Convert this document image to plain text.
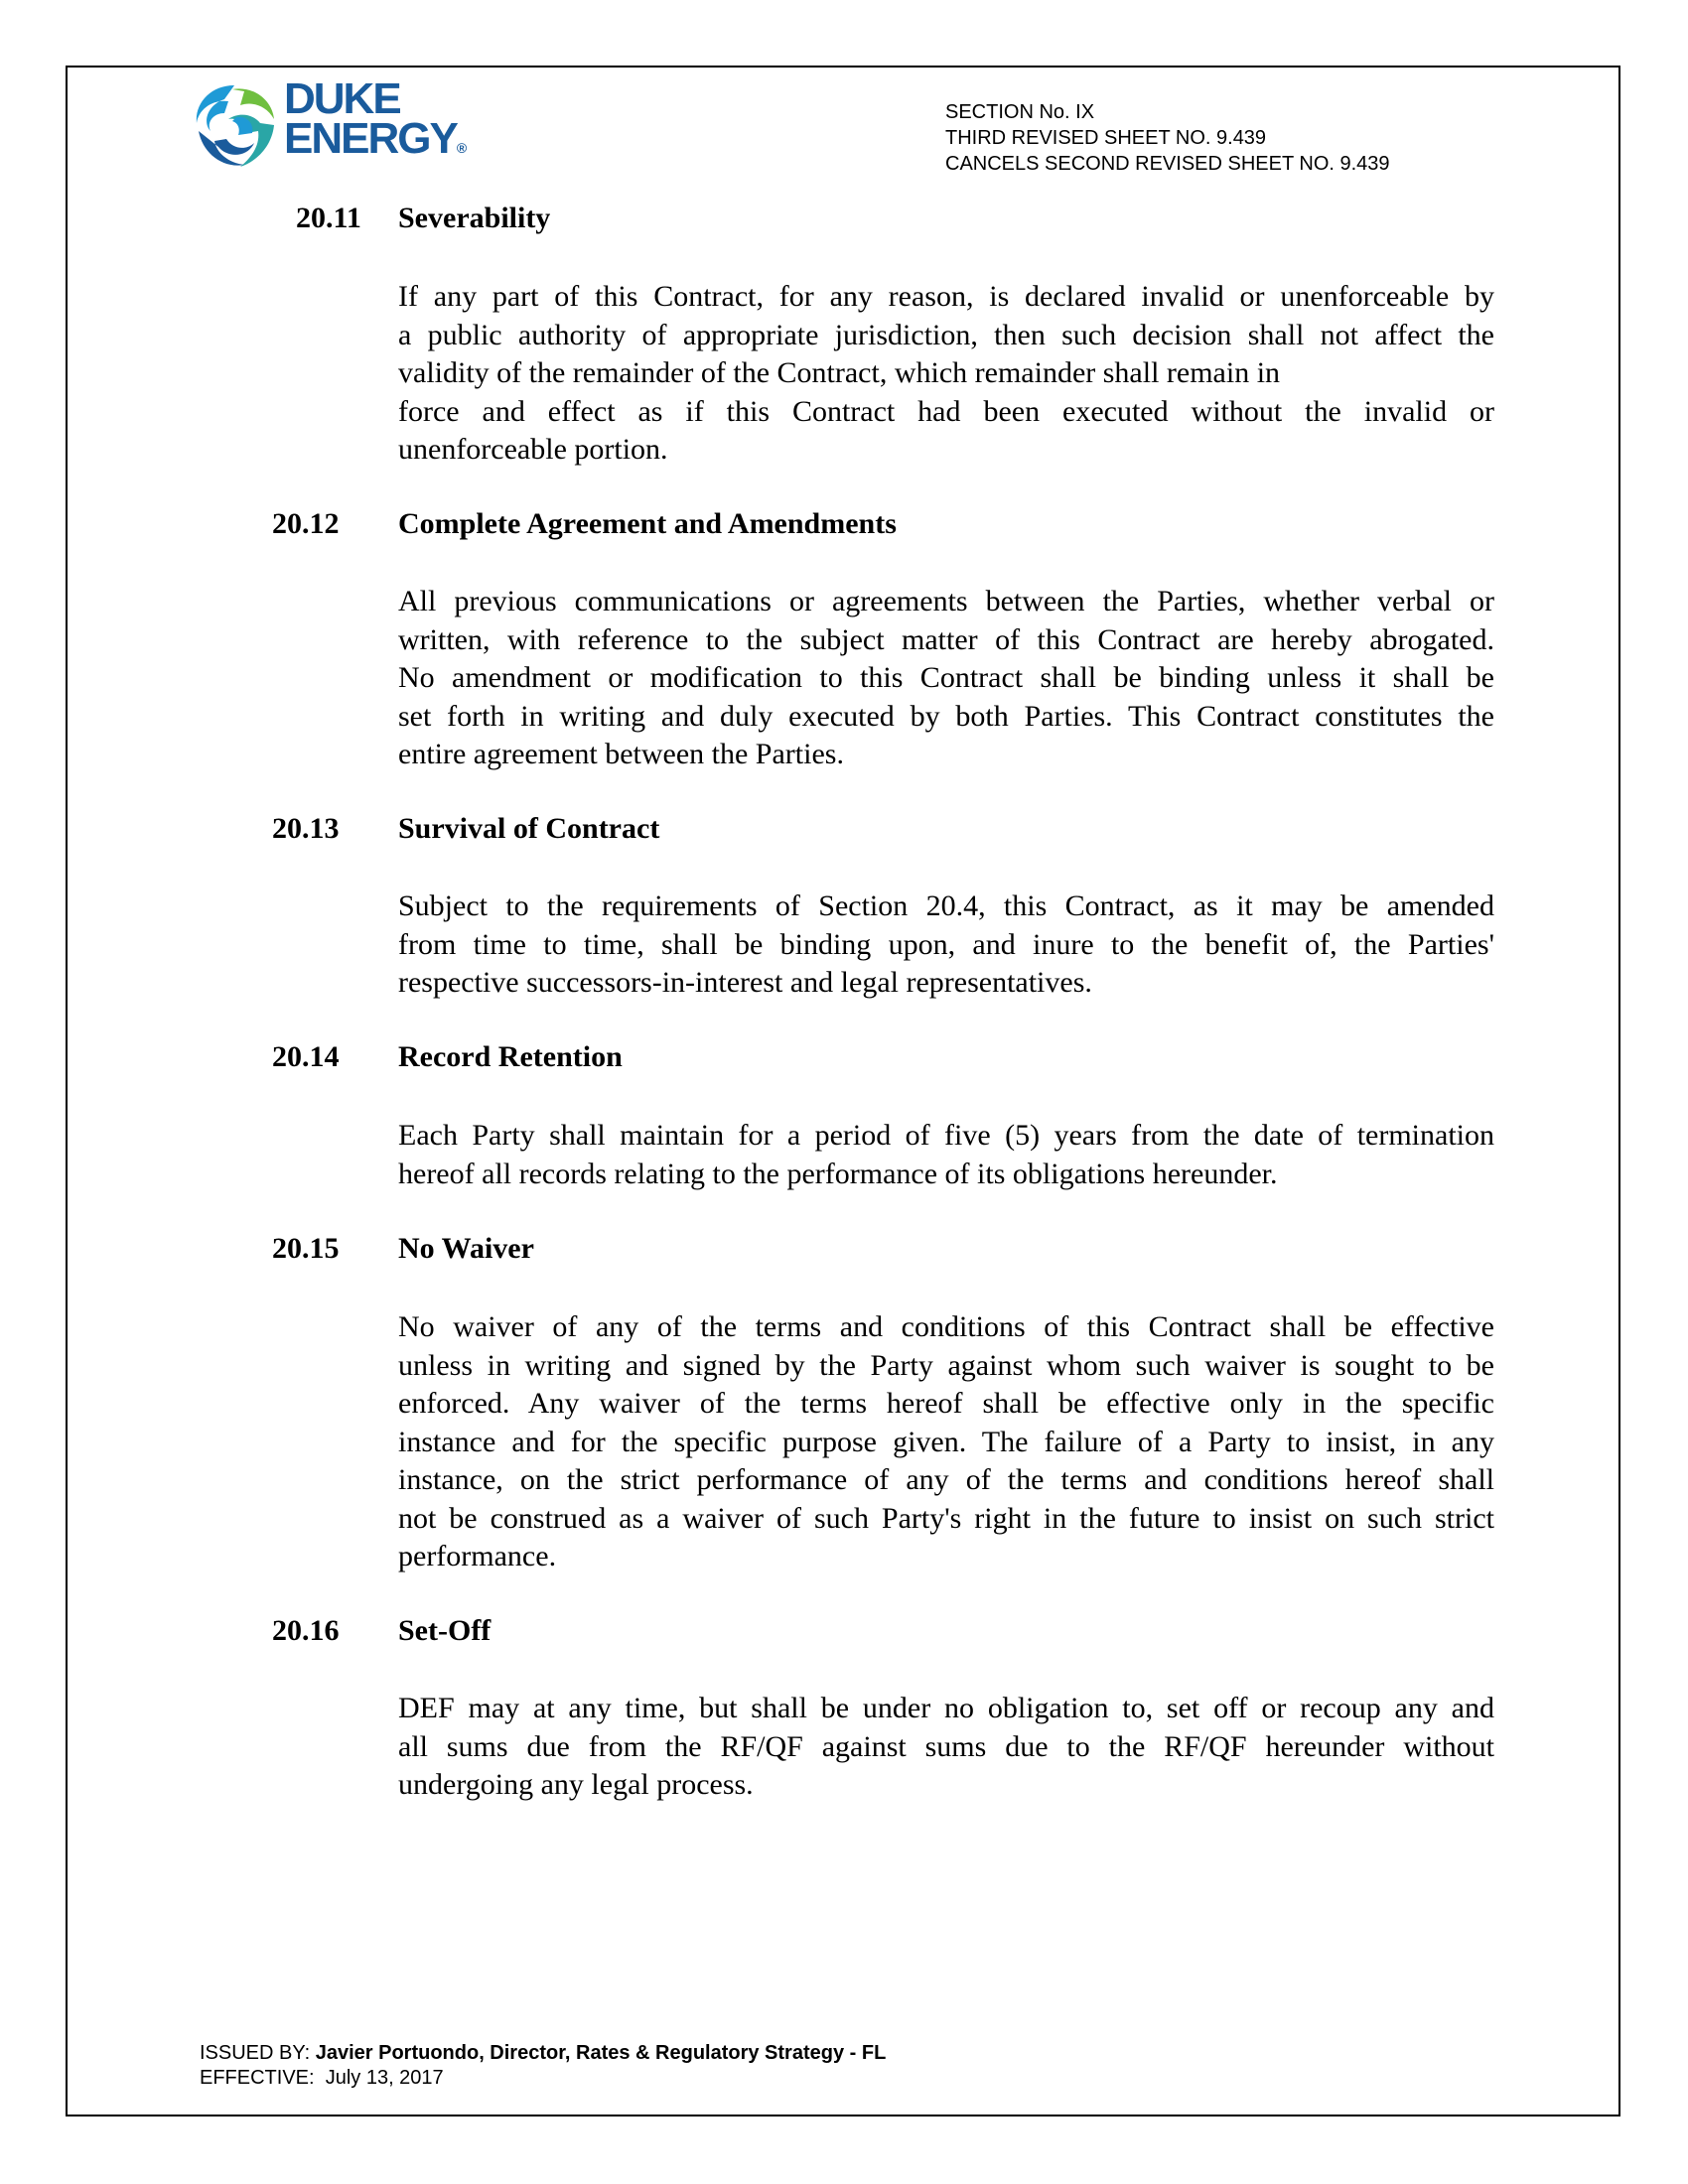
DUKE
ENERGY®
SECTION No. IX
THIRD REVISED SHEET NO. 9.439
CANCELS SECOND REVISED SHEET NO. 9.439
20.11 Severability
If any part of this Contract, for any reason, is declared invalid or unenforceable by
a public authority of appropriate jurisdiction, then such decision shall not affect the
validity of the remainder of the Contract, which remainder shall remain in
force and effect as if this Contract had been executed without the invalid or
unenforceable portion.
20.12 Complete Agreement and Amendments
All previous communications or agreements between the Parties, whether verbal or
written, with reference to the subject matter of this Contract are hereby abrogated.
No amendment or modification to this Contract shall be binding unless it shall be
set forth in writing and duly executed by both Parties. This Contract constitutes the
entire agreement between the Parties.
20.13 Survival of Contract
Subject to the requirements of Section 20.4, this Contract, as it may be amended
from time to time, shall be binding upon, and inure to the benefit of, the Parties'
respective successors-in-interest and legal representatives.
20.14 Record Retention
Each Party shall maintain for a period of five (5) years from the date of termination
hereof all records relating to the performance of its obligations hereunder.
20.15 No Waiver
No waiver of any of the terms and conditions of this Contract shall be effective
unless in writing and signed by the Party against whom such waiver is sought to be
enforced. Any waiver of the terms hereof shall be effective only in the specific
instance and for the specific purpose given. The failure of a Party to insist, in any
instance, on the strict performance of any of the terms and conditions hereof shall
not be construed as a waiver of such Party's right in the future to insist on such strict
performance.
20.16 Set-Off
DEF may at any time, but shall be under no obligation to, set off or recoup any and
all sums due from the RF/QF against sums due to the RF/QF hereunder without
undergoing any legal process.
ISSUED BY: Javier Portuondo, Director, Rates & Regulatory Strategy - FL
EFFECTIVE: July 13, 2017
